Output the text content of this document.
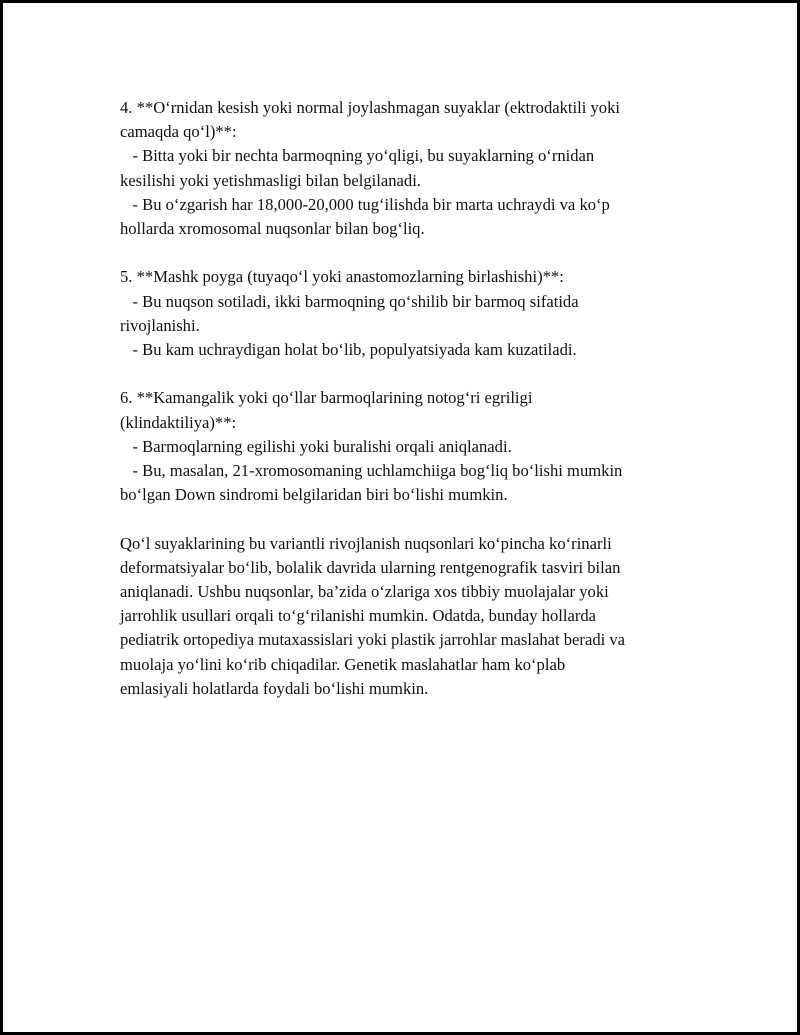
4. **O‘rnidan kesish yoki normal joylashmagan suyaklar (ektrodaktili yoki
camaqda qo‘l)**:
- Bitta yoki bir nechta barmoqning yo‘qligi, bu suyaklarning o‘rnidan
kesilishi yoki yetishmasligi bilan belgilanadi.
- Bu o‘zgarish har 18,000-20,000 tug‘ilishda bir marta uchraydi va ko‘p
hollarda xromosomal nuqsonlar bilan bog‘liq.
5. **Mashk poyga (tuyaqo‘l yoki anastomozlarning birlashishi)**:
- Bu nuqson sotiladi, ikki barmoqning qo‘shilib bir barmoq sifatida
rivojlanishi.
- Bu kam uchraydigan holat bo‘lib, populyatsiyada kam kuzatiladi.
6. **Kamangalik yoki qo‘llar barmoqlarining notog‘ri egriligi
(klindaktiliya)**:
- Barmoqlarning egilishi yoki buralishi orqali aniqlanadi.
- Bu, masalan, 21-xromosomaning uchlamchiiga bog‘liq bo‘lishi mumkin
bo‘lgan Down sindromi belgilaridan biri bo‘lishi mumkin.
Qo‘l suyaklarining bu variantli rivojlanish nuqsonlari ko‘pincha ko‘rinarli
deformatsiyalar bo‘lib, bolalik davrida ularning rentgenografik tasviri bilan
aniqlanadi. Ushbu nuqsonlar, ba’zida o‘zlariga xos tibbiy muolajalar yoki
jarrohlik usullari orqali to‘g‘rilanishi mumkin. Odatda, bunday hollarda
pediatrik ortopediya mutaxassislari yoki plastik jarrohlar maslahat beradi va
muolaja yo‘lini ko‘rib chiqadilar. Genetik maslahatlar ham ko‘plab
emlasiyali holatlarda foydali bo‘lishi mumkin.
